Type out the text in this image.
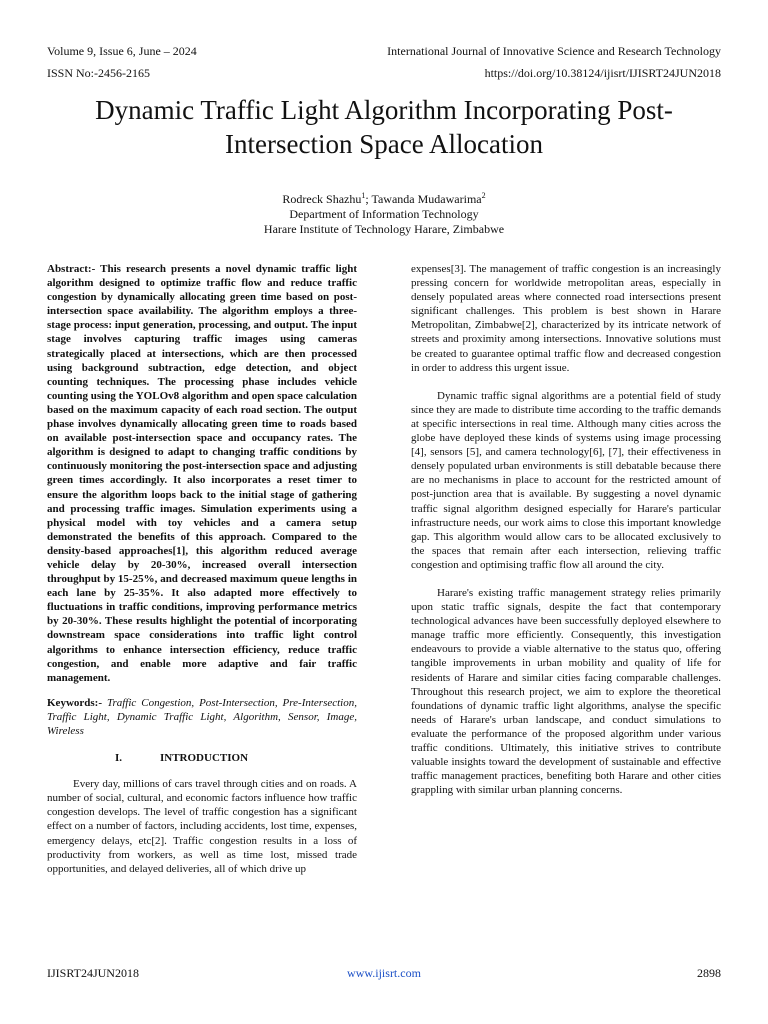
Volume 9, Issue 6, June – 2024
ISSN No:-2456-2165
International Journal of Innovative Science and Research Technology
https://doi.org/10.38124/ijisrt/IJISRT24JUN2018
Dynamic Traffic Light Algorithm Incorporating Post-Intersection Space Allocation
Rodreck Shazhu$^1$; Tawanda Mudawarima$^2$
Department of Information Technology
Harare Institute of Technology Harare, Zimbabwe

Abstract:- This research presents a novel dynamic traffic light algorithm designed to optimize traffic flow and reduce traffic congestion by dynamically allocating green time based on post-intersection space availability. The algorithm employs a three-stage process: input generation, processing, and output. The input stage involves capturing traffic images using cameras strategically placed at intersections, which are then processed using background subtraction, edge detection, and object counting techniques. The processing phase includes vehicle counting using the YOLOv8 algorithm and open space calculation based on the maximum capacity of each road section. The output phase involves dynamically allocating green time to roads based on available post-intersection space and occupancy rates. The algorithm is designed to adapt to changing traffic conditions by continuously monitoring the post-intersection space and adjusting green times accordingly. It also incorporates a reset timer to ensure the algorithm loops back to the initial stage of gathering and processing traffic images. Simulation experiments using a physical model with toy vehicles and a camera setup demonstrated the benefits of this approach. Compared to the density-based approaches[1], this algorithm reduced average vehicle delay by 20-30%, increased overall intersection throughput by 15-25%, and decreased maximum queue lengths in each lane by 25-35%. It also adapted more effectively to fluctuations in traffic conditions, improving performance metrics by 20-30%. These results highlight the potential of incorporating downstream space considerations into traffic light control algorithms to enhance intersection efficiency, reduce traffic congestion, and enable more adaptive and fair traffic management.

Keywords:- Traffic Congestion, Post-Intersection, Pre-Intersection, Traffic Light, Dynamic Traffic Light, Algorithm, Sensor, Image, Wireless

I.	INTRODUCTION

Every day, millions of cars travel through cities and on roads. A number of social, cultural, and economic factors influence how traffic congestion develops. The level of traffic congestion has a significant effect on a number of factors, including accidents, lost time, expenses, emergency delays, etc[2]. Traffic congestion results in a loss of productivity from workers, as well as time lost, missed trade opportunities, and delayed deliveries, all of which drive up

expenses[3]. The management of traffic congestion is an increasingly pressing concern for worldwide metropolitan areas, especially in densely populated areas where connected road intersections present significant challenges. This problem is best shown in Harare Metropolitan, Zimbabwe[2], characterized by its intricate network of streets and proximity among intersections. Innovative solutions must be created to guarantee optimal traffic flow and decreased congestion in order to address this urgent issue.

Dynamic traffic signal algorithms are a potential field of study since they are made to distribute time according to the traffic demands at specific intersections in real time. Although many cities across the globe have deployed these kinds of systems using image processing [4], sensors [5], and camera technology[6], [7], their effectiveness in densely populated urban environments is still debatable because there are no mechanisms in place to account for the restricted amount of post-junction area that is available. By suggesting a novel dynamic traffic signal algorithm designed especially for Harare's particular infrastructure needs, our work aims to close this important knowledge gap. This algorithm would allow cars to be allocated exclusively to the spaces that remain after each intersection, relieving traffic congestion and optimising traffic flow all around the city.

Harare's existing traffic management strategy relies primarily upon static traffic signals, despite the fact that contemporary technological advances have been successfully deployed elsewhere to manage traffic more efficiently. Consequently, this investigation endeavours to provide a viable alternative to the status quo, offering tangible improvements in urban mobility and quality of life for residents of Harare and similar cities facing comparable challenges. Throughout this research project, we aim to explore the theoretical foundations of dynamic traffic light algorithms, analyse the specific needs of Harare's urban landscape, and conduct simulations to evaluate the performance of the proposed algorithm under various traffic conditions. Ultimately, this initiative strives to contribute valuable insights toward the development of sustainable and effective traffic management practices, benefiting both Harare and other cities grappling with similar urban planning concerns.

IJISRT24JUN2018	www.ijisrt.com	2898
